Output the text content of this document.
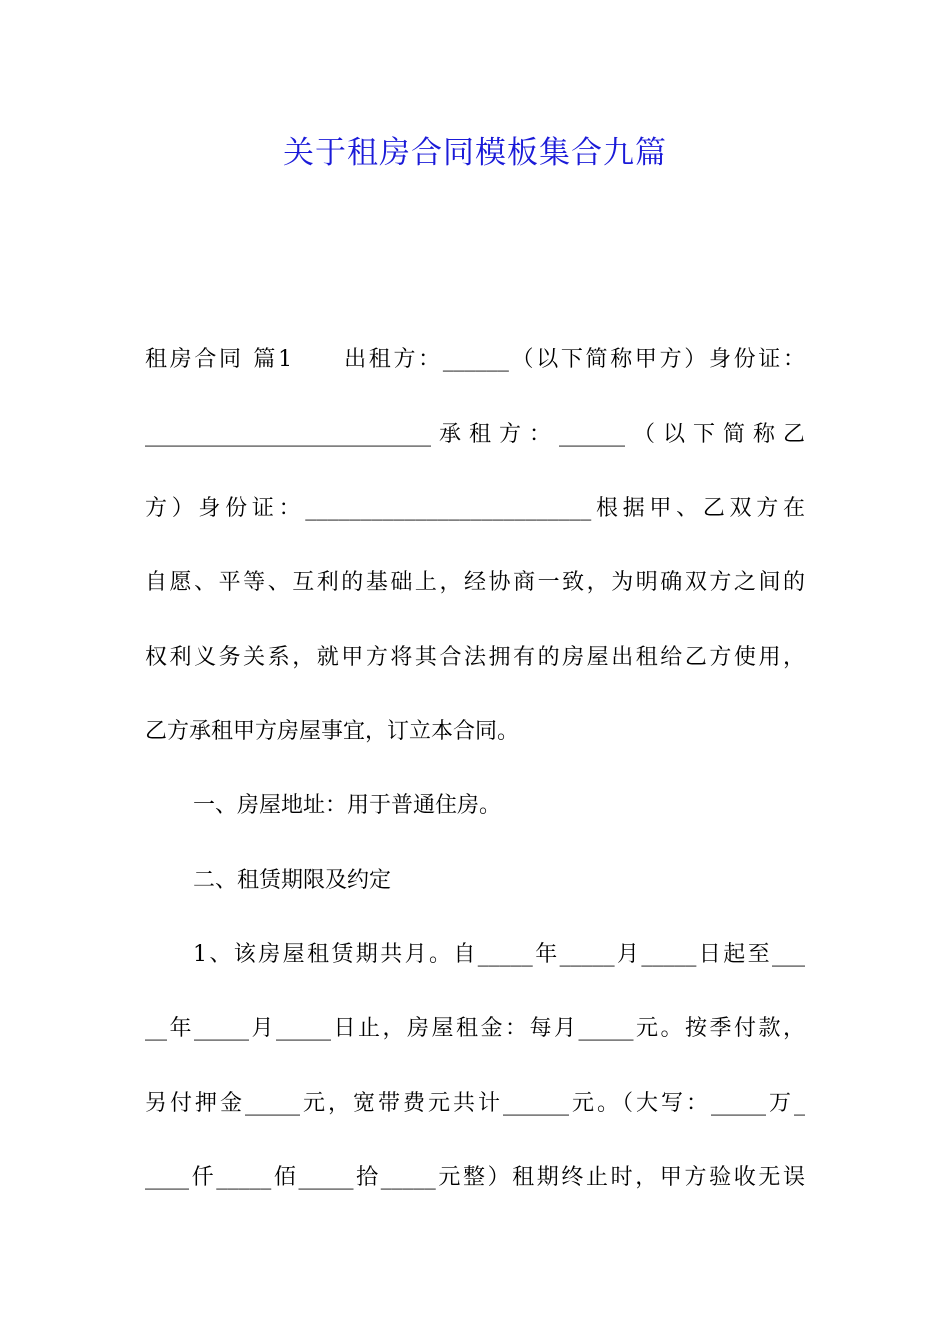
关于租房合同模板集合九篇
租房合同 篇1　　出租方：______（以下简称甲方）身份证：
__________________________承租方：______（以下简称乙
方）身份证：__________________________根据甲、乙双方在
自愿、平等、互利的基础上，经协商一致，为明确双方之间的
权利义务关系，就甲方将其合法拥有的房屋出租给乙方使用，
乙方承租甲方房屋事宜，订立本合同。
一、房屋地址：用于普通住房。
二、租赁期限及约定
1、该房屋租赁期共月。自_____年_____月_____日起至___
__年_____月_____日止，房屋租金：每月_____元。按季付款，
另付押金_____元，宽带费元共计______元。（大写：_____万_
____仟_____佰_____拾_____元整）租期终止时，甲方验收无误
